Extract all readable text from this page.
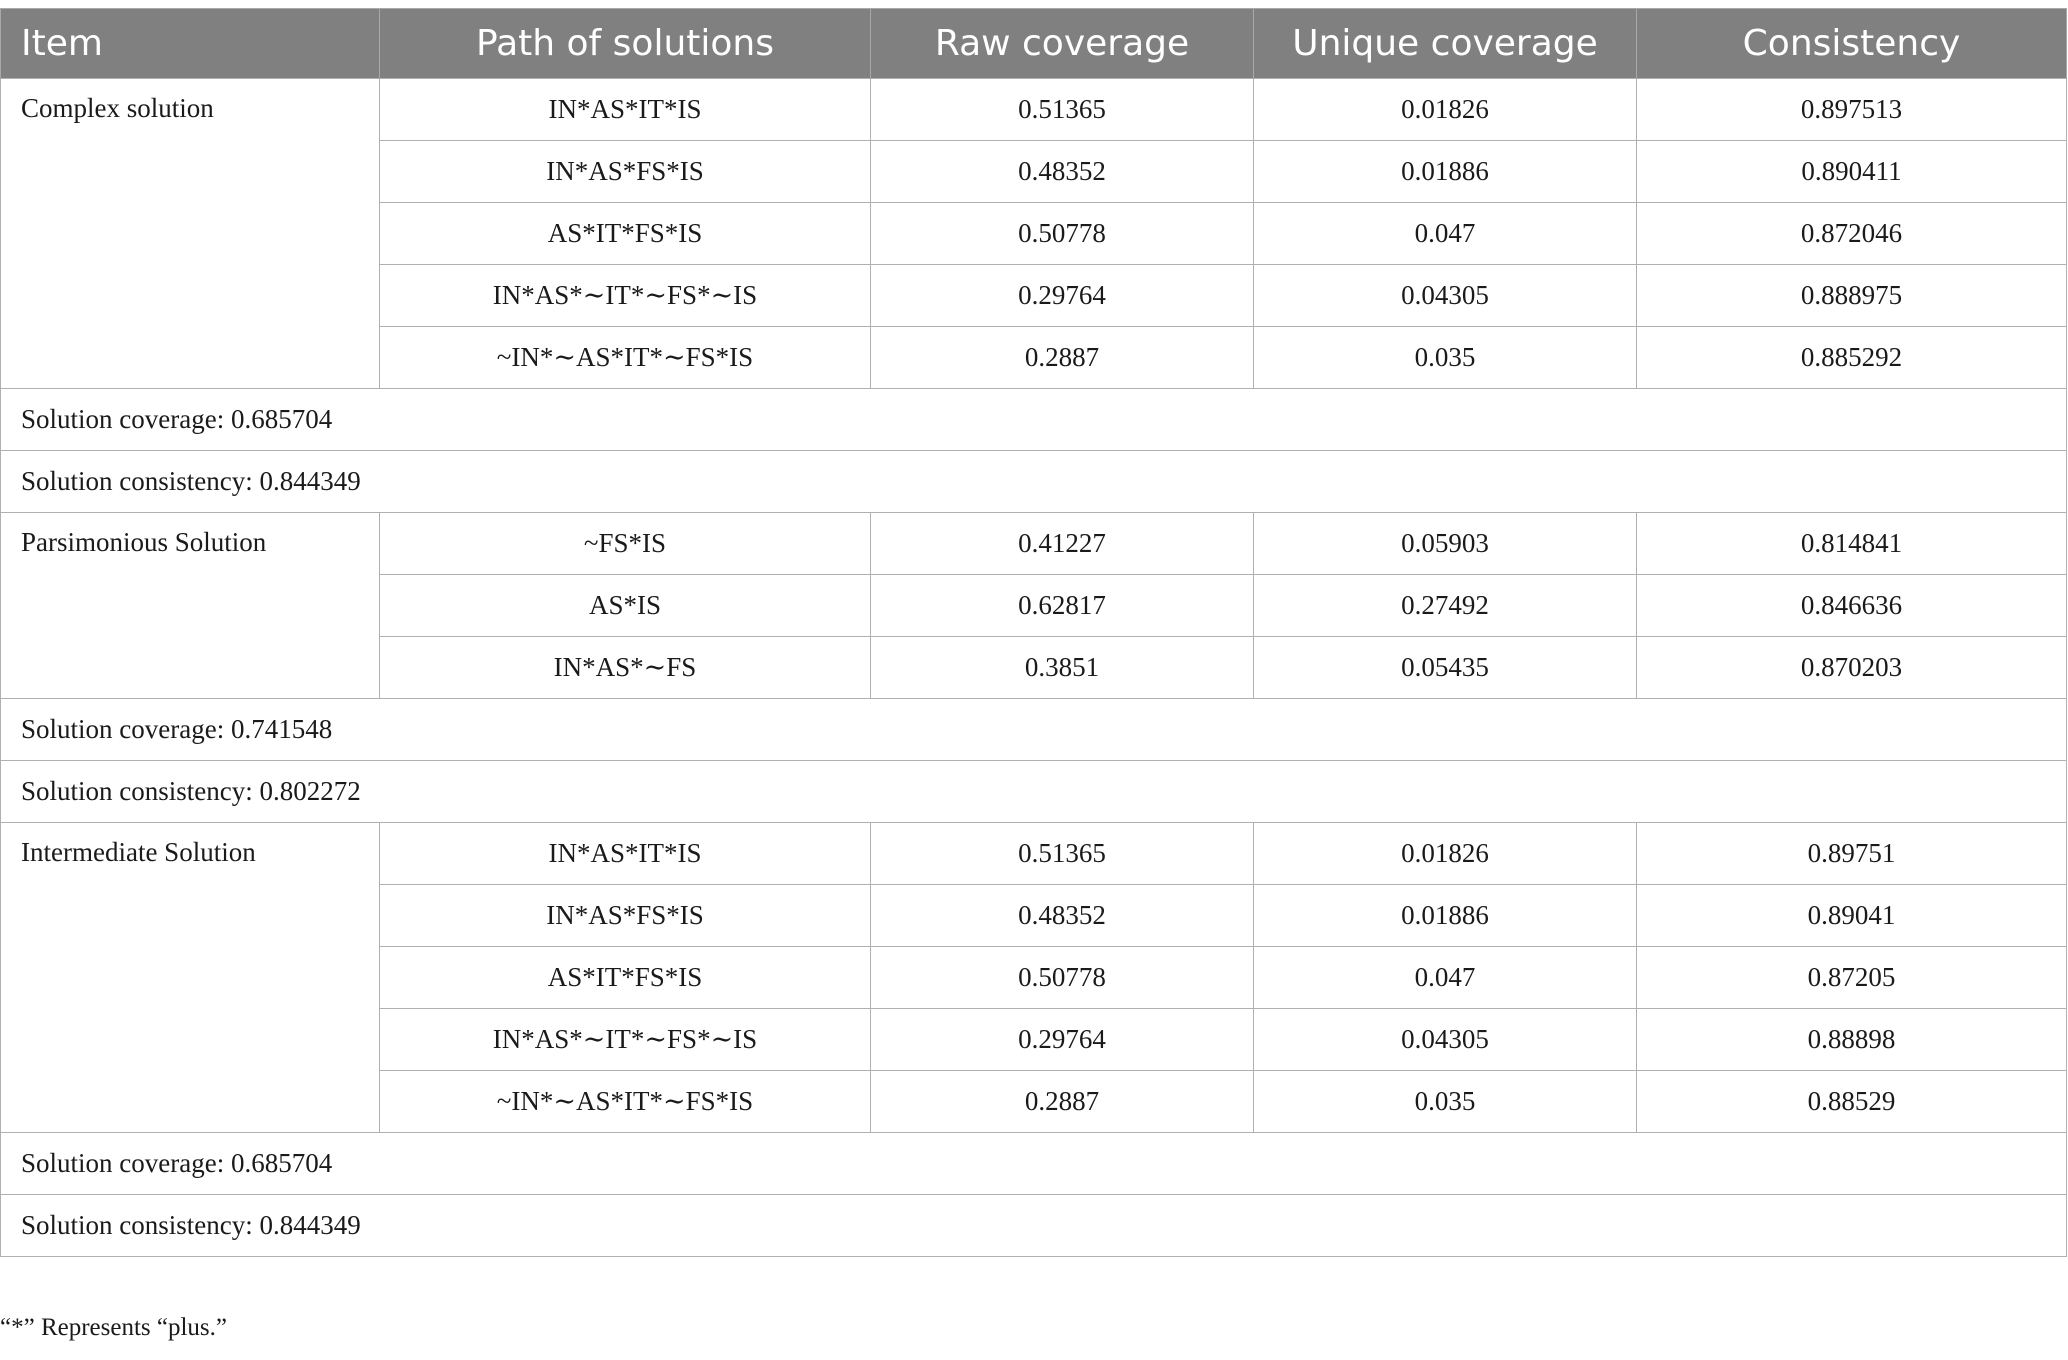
Item	Path of solutions	Raw coverage	Unique coverage	Consistency
Complex solution	IN*AS*IT*IS	0.51365	0.01826	0.897513
	IN*AS*FS*IS	0.48352	0.01886	0.890411
	AS*IT*FS*IS	0.50778	0.047	0.872046
	IN*AS*∼IT*∼FS*∼IS	0.29764	0.04305	0.888975
	~IN*∼AS*IT*∼FS*IS	0.2887	0.035	0.885292
Solution coverage: 0.685704				
Solution consistency: 0.844349				
Parsimonious Solution	~FS*IS	0.41227	0.05903	0.814841
	AS*IS	0.62817	0.27492	0.846636
	IN*AS*∼FS	0.3851	0.05435	0.870203
Solution coverage: 0.741548				
Solution consistency: 0.802272				
Intermediate Solution	IN*AS*IT*IS	0.51365	0.01826	0.89751
	IN*AS*FS*IS	0.48352	0.01886	0.89041
	AS*IT*FS*IS	0.50778	0.047	0.87205
	IN*AS*∼IT*∼FS*∼IS	0.29764	0.04305	0.88898
	~IN*∼AS*IT*∼FS*IS	0.2887	0.035	0.88529
Solution coverage: 0.685704				
Solution consistency: 0.844349				
“*” Represents “plus.”
